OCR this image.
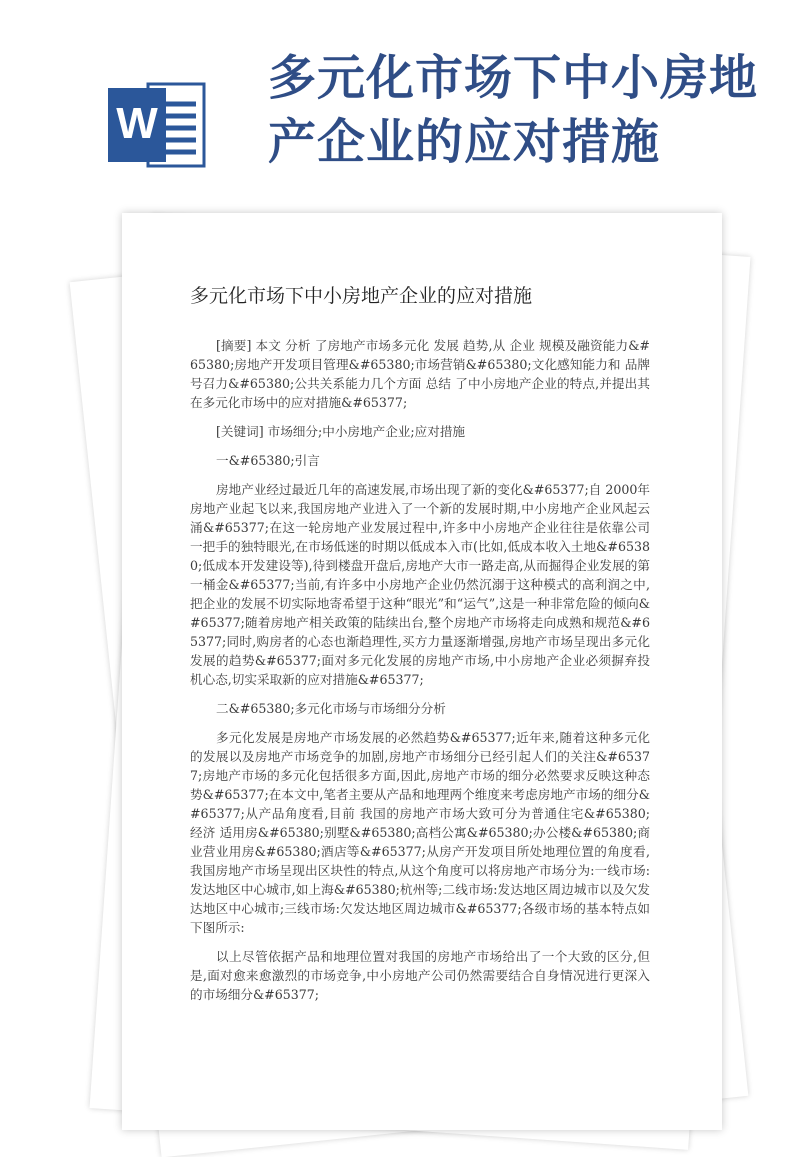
W
多元化市场下中小房地产企业的应对措施
多元化市场下中小房地产企业的应对措施

[摘要] 本文 分析 了房地产市场多元化 发展 趋势,从 企业 规模及融资能力&#65380;房地产开发项目管理&#65380;市场营销&#65380;文化感知能力和 品牌号召力&#65380;公共关系能力几个方面 总结 了中小房地产企业的特点,并提出其在多元化市场中的应对措施&#65377;

[关键词] 市场细分;中小房地产企业;应对措施

一&#65380;引言

房地产业经过最近几年的高速发展,市场出现了新的变化&#65377;自 2000年房地产业起飞以来,我国房地产业进入了一个新的发展时期,中小房地产企业风起云涌&#65377;在这一轮房地产业发展过程中,许多中小房地产企业往往是依靠公司一把手的独特眼光,在市场低迷的时期以低成本入市(比如,低成本收入土地&#65380;低成本开发建设等),待到楼盘开盘后,房地产大市一路走高,从而掘得企业发展的第一桶金&#65377;当前,有许多中小房地产企业仍然沉溺于这种模式的高利润之中,把企业的发展不切实际地寄希望于这种“眼光”和“运气”,这是一种非常危险的倾向&#65377;随着房地产相关政策的陆续出台,整个房地产市场将走向成熟和规范&#65377;同时,购房者的心态也渐趋理性,买方力量逐渐增强,房地产市场呈现出多元化发展的趋势&#65377;面对多元化发展的房地产市场,中小房地产企业必须摒弃投机心态,切实采取新的应对措施&#65377;

二&#65380;多元化市场与市场细分分析

多元化发展是房地产市场发展的必然趋势&#65377;近年来,随着这种多元化的发展以及房地产市场竞争的加剧,房地产市场细分已经引起人们的关注&#65377;房地产市场的多元化包括很多方面,因此,房地产市场的细分必然要求反映这种态势&#65377;在本文中,笔者主要从产品和地理两个维度来考虑房地产市场的细分&#65377;从产品角度看,目前 我国的房地产市场大致可分为普通住宅&#65380; 经济 适用房&#65380;别墅&#65380;高档公寓&#65380;办公楼&#65380;商业营业用房&#65380;酒店等&#65377;从房产开发项目所处地理位置的角度看,我国房地产市场呈现出区块性的特点,从这个角度可以将房地产市场分为:一线市场:发达地区中心城市,如上海&#65380;杭州等;二线市场:发达地区周边城市以及欠发达地区中心城市;三线市场:欠发达地区周边城市&#65377;各级市场的基本特点如下图所示:

以上尽管依据产品和地理位置对我国的房地产市场给出了一个大致的区分,但是,面对愈来愈激烈的市场竞争,中小房地产公司仍然需要结合自身情况进行更深入的市场细分&#65377;
